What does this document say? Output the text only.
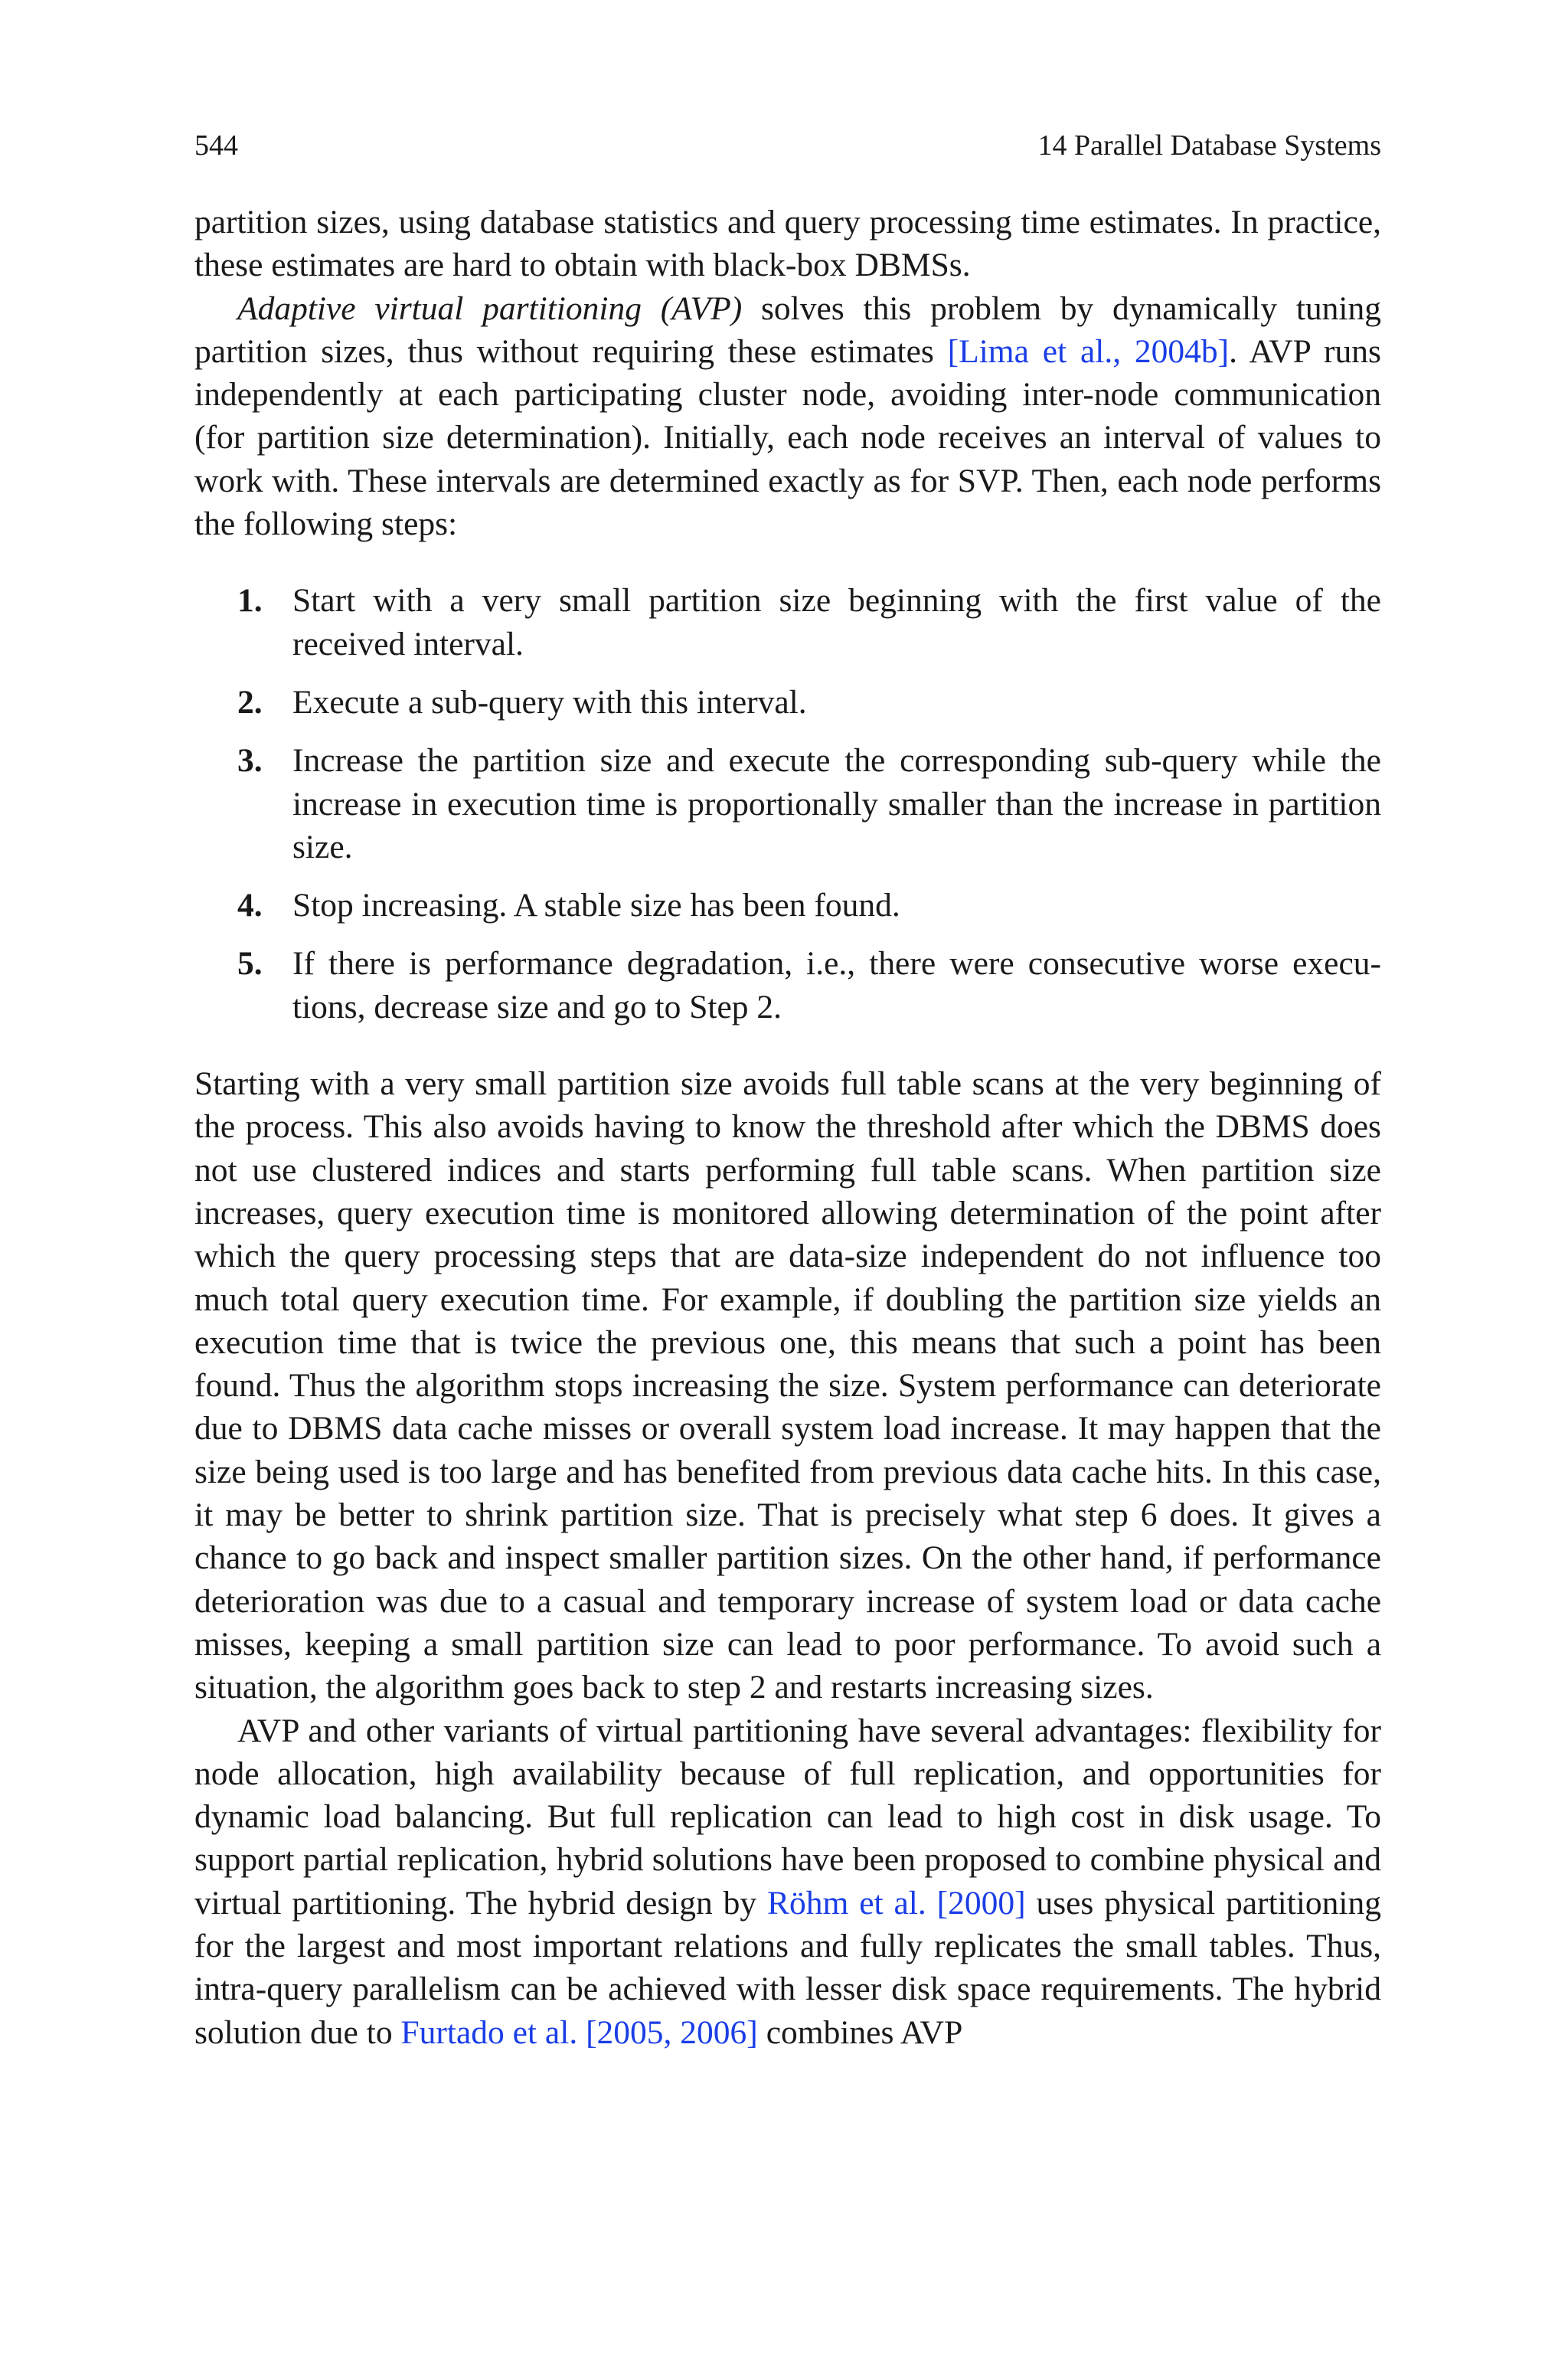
544	14 Parallel Database Systems

partition sizes, using database statistics and query processing time estimates. In practice, these estimates are hard to obtain with black-box DBMSs.

Adaptive virtual partitioning (AVP) solves this problem by dynamically tuning partition sizes, thus without requiring these estimates [Lima et al., 2004b]. AVP runs independently at each participating cluster node, avoiding inter-node communication (for partition size determination). Initially, each node receives an interval of values to work with. These intervals are determined exactly as for SVP. Then, each node performs the following steps:

1. Start with a very small partition size beginning with the first value of the received interval.
2. Execute a sub-query with this interval.
3. Increase the partition size and execute the corresponding sub-query while the increase in execution time is proportionally smaller than the increase in partition size.
4. Stop increasing. A stable size has been found.
5. If there is performance degradation, i.e., there were consecutive worse execu-tions, decrease size and go to Step 2.

Starting with a very small partition size avoids full table scans at the very beginning of the process. This also avoids having to know the threshold after which the DBMS does not use clustered indices and starts performing full table scans. When partition size increases, query execution time is monitored allowing determination of the point after which the query processing steps that are data-size independent do not influence too much total query execution time. For example, if doubling the partition size yields an execution time that is twice the previous one, this means that such a point has been found. Thus the algorithm stops increasing the size. System performance can deteriorate due to DBMS data cache misses or overall system load increase. It may happen that the size being used is too large and has benefited from previous data cache hits. In this case, it may be better to shrink partition size. That is precisely what step 6 does. It gives a chance to go back and inspect smaller partition sizes. On the other hand, if performance deterioration was due to a casual and temporary increase of system load or data cache misses, keeping a small partition size can lead to poor performance. To avoid such a situation, the algorithm goes back to step 2 and restarts increasing sizes.

AVP and other variants of virtual partitioning have several advantages: flexibility for node allocation, high availability because of full replication, and opportunities for dynamic load balancing. But full replication can lead to high cost in disk usage. To support partial replication, hybrid solutions have been proposed to combine physical and virtual partitioning. The hybrid design by Röhm et al. [2000] uses physical partitioning for the largest and most important relations and fully replicates the small tables. Thus, intra-query parallelism can be achieved with lesser disk space requirements. The hybrid solution due to Furtado et al. [2005, 2006] combines AVP
